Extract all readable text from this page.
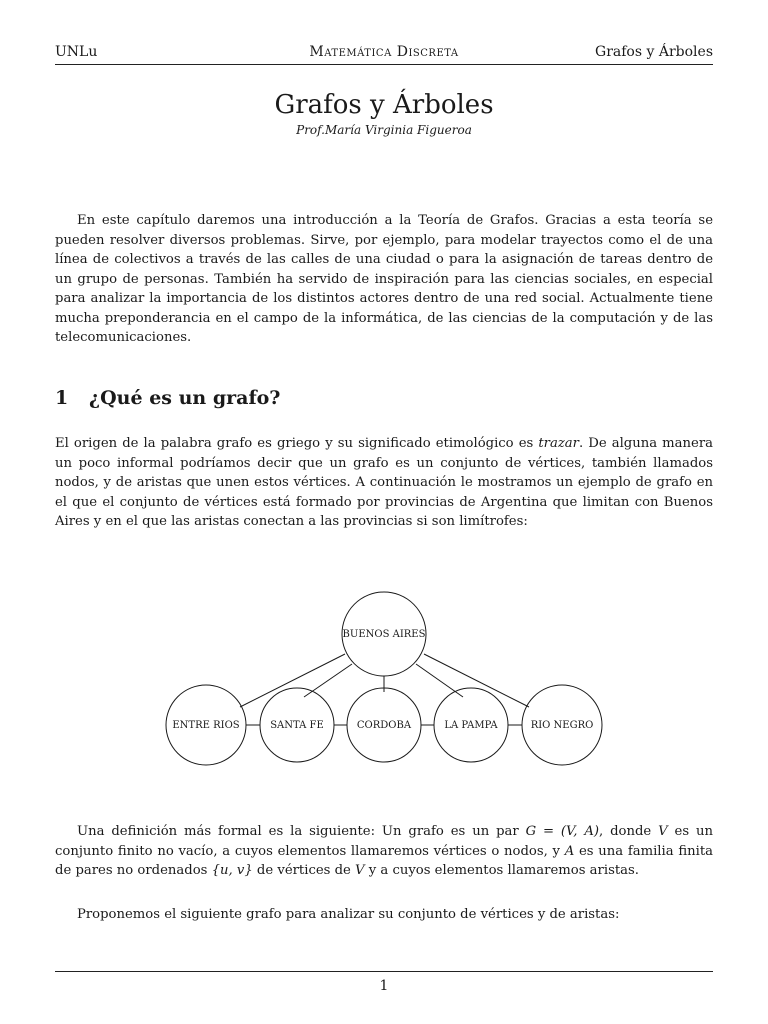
UNLu	Matemática Discreta	Grafos y Árboles
Grafos y Árboles
Prof.María Virginia Figueroa
En este capítulo daremos una introducción a la Teoría de Grafos. Gracias a esta teoría se pueden resolver diversos problemas. Sirve, por ejemplo, para modelar trayectos como el de una línea de colectivos a través de las calles de una ciudad o para la asignación de tareas dentro de un grupo de personas. También ha servido de inspiración para las ciencias sociales, en especial para analizar la importancia de los distintos actores dentro de una red social. Actualmente tiene mucha preponderancia en el campo de la informática, de las ciencias de la computación y de las telecomunicaciones.
1 ¿Qué es un grafo?
El origen de la palabra grafo es griego y su significado etimológico es trazar. De alguna manera un poco informal podríamos decir que un grafo es un conjunto de vértices, también llamados nodos, y de aristas que unen estos vértices. A continuación le mostramos un ejemplo de grafo en el que el conjunto de vértices está formado por provincias de Argentina que limitan con Buenos Aires y en el que las aristas conectan a las provincias si son limítrofes:
BUENOS AIRES
ENTRE RIOS	SANTA FE	CORDOBA	LA PAMPA	RIO NEGRO
Una definición más formal es la siguiente: Un grafo es un par G = (V, A), donde V es un conjunto finito no vacío, a cuyos elementos llamaremos vértices o nodos, y A es una familia finita de pares no ordenados {u, v} de vértices de V y a cuyos elementos llamaremos aristas.
Proponemos el siguiente grafo para analizar su conjunto de vértices y de aristas:
1
